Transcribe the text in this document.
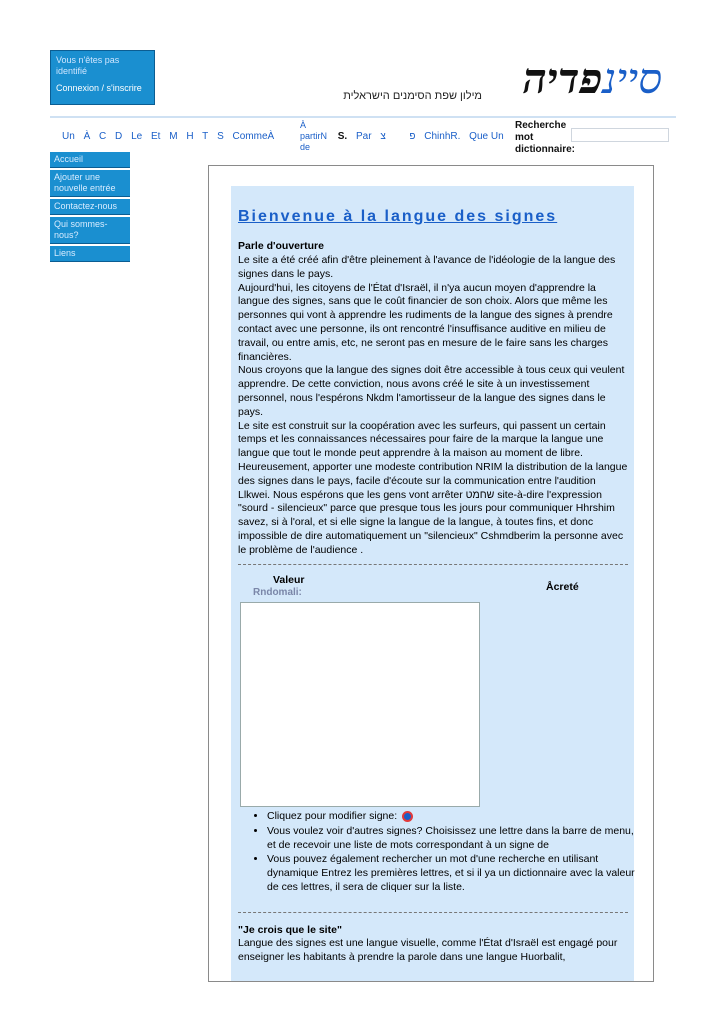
Vous n'êtes pas identifié
Connexion / s'inscrire
מילון שפת הסימנים הישראלית	סיינפדיה
Un À C D Le Et M H T S CommeÀ	S. Par	פ  צ	ChinhR. Que Un
À
partirN
de
Recherche
mot
dictionnaire:
Accueil
Ajouter une nouvelle entrée
Contactez-nous
Qui sommes-nous?
Liens
Bienvenue à la langue des signes
Parle d'ouverture

Le site a été créé afin d'être pleinement à l'avance de l'idéologie de la langue des signes dans le pays.

Aujourd'hui, les citoyens de l'État d'Israël, il n'ya aucun moyen d'apprendre la langue des signes, sans que le coût financier de son choix. Alors que même les personnes qui vont à apprendre les rudiments de la langue des signes à prendre contact avec une personne, ils ont rencontré l'insuffisance auditive en milieu de travail, ou entre amis, etc, ne seront pas en mesure de le faire sans les charges financières.

Nous croyons que la langue des signes doit être accessible à tous ceux qui veulent apprendre. De cette conviction, nous avons créé le site à un investissement personnel, nous l'espérons Nkdm l'amortisseur de la langue des signes dans le pays.

Le site est construit sur la coopération avec les surfeurs, qui passent un certain temps et les connaissances nécessaires pour faire de la marque la langue une langue que tout le monde peut apprendre à la maison au moment de libre. Heureusement, apporter une modeste contribution NRIM la distribution de la langue des signes dans le pays, facile d'écoute sur la communication entre l'audition Llkwei. Nous espérons que les gens vont arrêter שחמט site-à-dire l'expression "sourd - silencieux" parce que presque tous les jours pour communiquer Hhrshim savez, si à l'oral, et si elle signe la langue de la langue, à toutes fins, et donc impossible de dire automatiquement un "silencieux" Cshmdberim la personne avec le problème de l'audience .

Valeur
Rndomali:	Åcreté
• Cliquez pour modifier signe:
• Vous voulez voir d'autres signes? Choisissez une lettre dans la barre de menu, et de recevoir une liste de mots correspondant à un signe de
• Vous pouvez également rechercher un mot d'une recherche en utilisant dynamique Entrez les premières lettres, et si il ya un dictionnaire avec la valeur de ces lettres, il sera de cliquer sur la liste.
"Je crois que le site"
Langue des signes est une langue visuelle, comme l'État d'Israël est engagé pour enseigner les habitants à prendre la parole dans une langue Huorbalit,
